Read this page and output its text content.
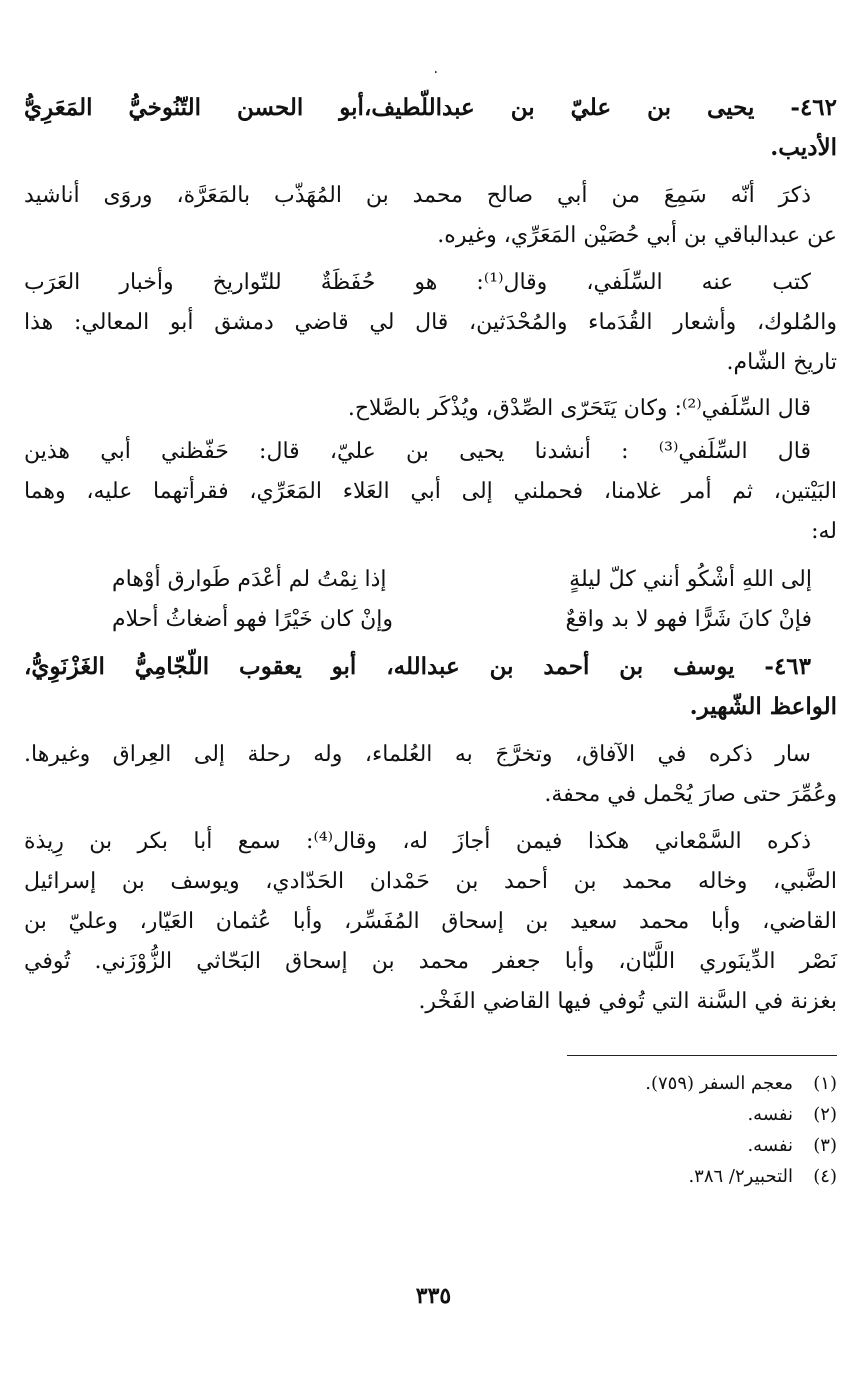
٠
٤٦٢- يحيى بن عليّ بن عبداللّطيف،أبو الحسن التّنُوخيُّ المَعَرِيُّ
الأديب.
ذكرَ أنّه سَمِعَ من أبي صالح محمد بن المُهَذّب بالمَعَرَّة، وروَى أناشيد
عن عبدالباقي بن أبي حُصَيْن المَعَرِّي، وغيره.
كتب عنه السِّلَفي، وقال⁽¹⁾: هو حُفَظَةٌ للتّواريخ وأخبار العَرَب
والمُلوك، وأشعار القُدَماء والمُحْدَثين، قال لي قاضي دمشق أبو المعالي: هذا
تاريخ الشّام.
قال السِّلَفي⁽²⁾: وكان يَتَحَرّى الصِّدْق، ويُذْكَر بالصَّلاح.
قال السِّلَفي⁽³⁾ : أنشدنا يحيى بن عليّ، قال: حَفّظني أبي هذين
البَيْتين، ثم أمر غلامنا، فحملني إلى أبي العَلاء المَعَرِّي، فقرأتهما عليه، وهما
له:
إلى اللهِ أشْكُو أنني كلّ ليلةٍ
إذا نِمْتُ لم أعْدَم طَوارق أوْهام
فإنْ كانَ شَرًّا فهو لا بد واقعٌ
وإنْ كان خَيْرًا فهو أضغاثُ أحلام
٤٦٣- يوسف بن أحمد بن عبدالله، أبو يعقوب اللّجّامِيُّ الغَزْنَوِيُّ،
الواعظ الشّهير.
سار ذكره في الآفاق، وتخرَّجَ به العُلماء، وله رحلة إلى العِراق وغيرها.
وعُمِّرَ حتى صارَ يُحْمل في محفة.
ذكره السَّمْعاني هكذا فيمن أجازَ له، وقال⁽⁴⁾: سمع أبا بكر بن رِيذة
الضَّبي، وخاله محمد بن أحمد بن حَمْدان الحَدّادي، ويوسف بن إسرائيل
القاضي، وأبا محمد سعيد بن إسحاق المُفَسِّر، وأبا عُثمان العَيّار، وعليّ بن
نَصْر الدِّينَوري اللَّبّان، وأبا جعفر محمد بن إسحاق البَحّاثي الزُّوْزَني. تُوفي
بغزنة في السَّنة التي تُوفي فيها القاضي الفَخْر.
(١)
معجم السفر (٧٥٩).
(٢)
نفسه.
(٣)
نفسه.
(٤)
التحبير٢/ ٣٨٦.
٣٣٥
